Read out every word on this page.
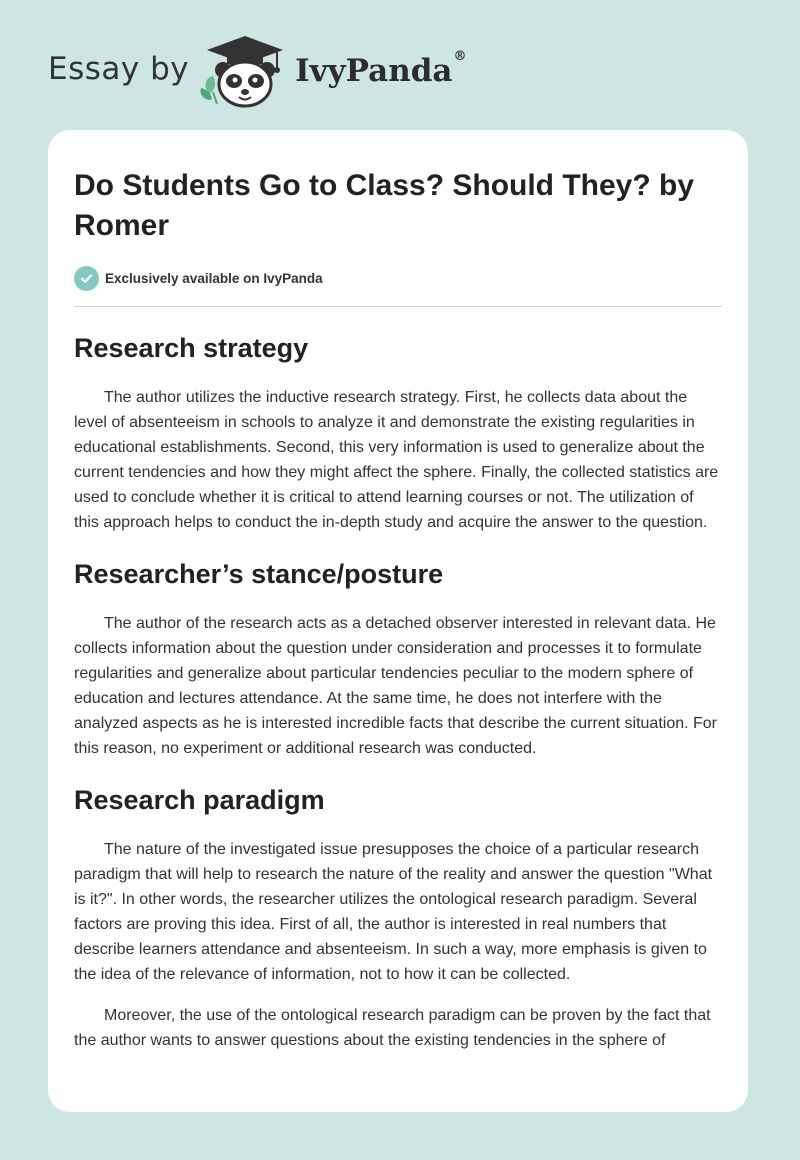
Essay by	IvyPanda®
Do Students Go to Class? Should They? by Romer
Exclusively available on IvyPanda
Research strategy

The author utilizes the inductive research strategy. First, he collects data about the level of absenteeism in schools to analyze it and demonstrate the existing regularities in educational establishments. Second, this very information is used to generalize about the current tendencies and how they might affect the sphere. Finally, the collected statistics are used to conclude whether it is critical to attend learning courses or not. The utilization of this approach helps to conduct the in-depth study and acquire the answer to the question.

Researcher’s stance/posture

The author of the research acts as a detached observer interested in relevant data. He collects information about the question under consideration and processes it to formulate regularities and generalize about particular tendencies peculiar to the modern sphere of education and lectures attendance. At the same time, he does not interfere with the analyzed aspects as he is interested incredible facts that describe the current situation. For this reason, no experiment or additional research was conducted.

Research paradigm

The nature of the investigated issue presupposes the choice of a particular research paradigm that will help to research the nature of the reality and answer the question "What is it?". In other words, the researcher utilizes the ontological research paradigm. Several factors are proving this idea. First of all, the author is interested in real numbers that describe learners attendance and absenteeism. In such a way, more emphasis is given to the idea of the relevance of information, not to how it can be collected.

Moreover, the use of the ontological research paradigm can be proven by the fact that the author wants to answer questions about the existing tendencies in the sphere of
